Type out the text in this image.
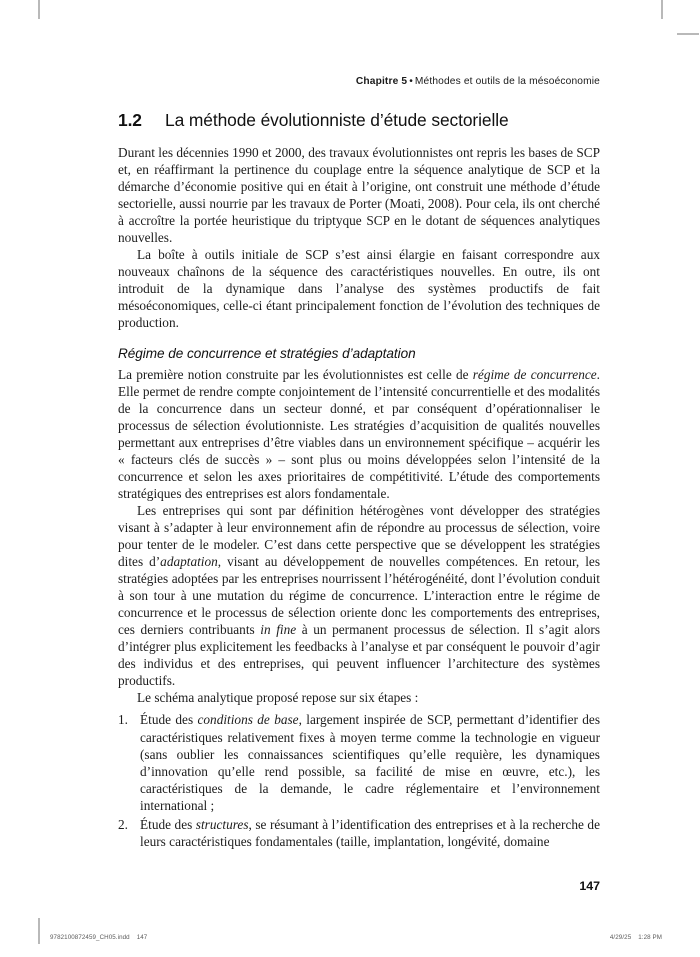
Chapitre 5 • Méthodes et outils de la mésoéconomie
1.2	La méthode évolutionniste d’étude sectorielle

Durant les décennies 1990 et 2000, des travaux évolutionnistes ont repris les bases de SCP et, en réaffirmant la pertinence du couplage entre la séquence analytique de SCP et la démarche d’économie positive qui en était à l’origine, ont construit une méthode d’étude sectorielle, aussi nourrie par les travaux de Porter (Moati, 2008). Pour cela, ils ont cherché à accroître la portée heuristique du triptyque SCP en le dotant de séquences analytiques nouvelles.

La boîte à outils initiale de SCP s’est ainsi élargie en faisant correspondre aux nouveaux chaînons de la séquence des caractéristiques nouvelles. En outre, ils ont introduit de la dynamique dans l’analyse des systèmes productifs de fait mésoéconomiques, celle-ci étant principalement fonction de l’évolution des techniques de production.

Régime de concurrence et stratégies d’adaptation

La première notion construite par les évolutionnistes est celle de régime de concurrence. Elle permet de rendre compte conjointement de l’intensité concurrentielle et des modalités de la concurrence dans un secteur donné, et par conséquent d’opérationnaliser le processus de sélection évolutionniste. Les stratégies d’acquisition de qualités nouvelles permettant aux entreprises d’être viables dans un environnement spécifique – acquérir les « facteurs clés de succès » – sont plus ou moins développées selon l’intensité de la concurrence et selon les axes prioritaires de compétitivité. L’étude des comportements stratégiques des entreprises est alors fondamentale.

Les entreprises qui sont par définition hétérogènes vont développer des stratégies visant à s’adapter à leur environnement afin de répondre au processus de sélection, voire pour tenter de le modeler. C’est dans cette perspective que se développent les stratégies dites d’adaptation, visant au développement de nouvelles compétences. En retour, les stratégies adoptées par les entreprises nourrissent l’hétérogénéité, dont l’évolution conduit à son tour à une mutation du régime de concurrence. L’interaction entre le régime de concurrence et le processus de sélection oriente donc les comportements des entreprises, ces derniers contribuants in fine à un permanent processus de sélection. Il s’agit alors d’intégrer plus explicitement les feedbacks à l’analyse et par conséquent le pouvoir d’agir des individus et des entreprises, qui peuvent influencer l’architecture des systèmes productifs.

Le schéma analytique proposé repose sur six étapes :

1. Étude des conditions de base, largement inspirée de SCP, permettant d’identifier des caractéristiques relativement fixes à moyen terme comme la technologie en vigueur (sans oublier les connaissances scientifiques qu’elle requière, les dynamiques d’innovation qu’elle rend possible, sa facilité de mise en œuvre, etc.), les caractéristiques de la demande, le cadre réglementaire et l’environnement international ;
2. Étude des structures, se résumant à l’identification des entreprises et à la recherche de leurs caractéristiques fondamentales (taille, implantation, longévité, domaine
147
9782100872459_CH05.indd 147	4/29/25 1:28 PM
